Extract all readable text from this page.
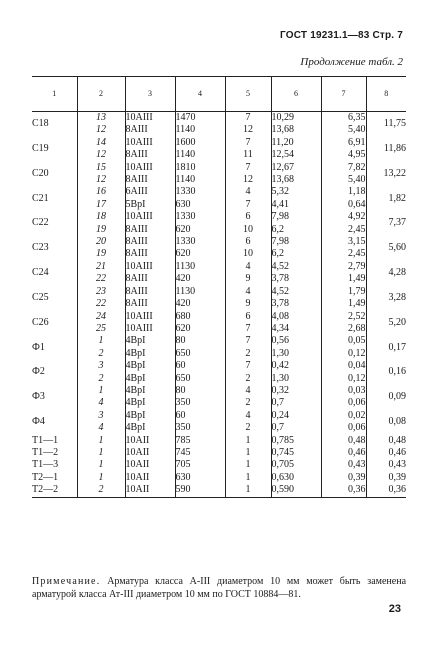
ГОСТ 19231.1—83 Стр. 7
Продолжение табл. 2
1	2	3	4	5	6	7	8
С18	13	10АIII	1470	7	10,29	6,35	11,75
	12	8АIII	1140	12	13,68	5,40	
С19	14	10АIII	1600	7	11,20	6,91	11,86
	12	8АIII	1140	11	12,54	4,95	
С20	15	10АIII	1810	7	12,67	7,82	13,22
	12	8АIII	1140	12	13,68	5,40	
С21	16	6АIII	1330	4	5,32	1,18	1,82
	17	5ВрI	630	7	4,41	0,64	
С22	18	10АIII	1330	6	7,98	4,92	7,37
	19	8АIII	620	10	6,2	2,45	
С23	20	8АIII	1330	6	7,98	3,15	5,60
	19	8АIII	620	10	6,2	2,45	
С24	21	10АIII	1130	4	4,52	2,79	4,28
	22	8АIII	420	9	3,78	1,49	
С25	23	8АIII	1130	4	4,52	1,79	3,28
	22	8АIII	420	9	3,78	1,49	
С26	24	10АIII	680	6	4,08	2,52	5,20
	25	10АIII	620	7	4,34	2,68	
Ф1	1	4ВрI	80	7	0,56	0,05	0,17
	2	4ВрI	650	2	1,30	0,12	
Ф2	3	4ВрI	60	7	0,42	0,04	0,16
	2	4ВрI	650	2	1,30	0,12	
Ф3	1	4ВрI	80	4	0,32	0,03	0,09
	4	4ВрI	350	2	0,7	0,06	
Ф4	3	4ВрI	60	4	0,24	0,02	0,08
	4	4ВрI	350	2	0,7	0,06	
Т1—1	1	10АII	785	1	0,785	0,48	0,48
Т1—2	1	10АII	745	1	0,745	0,46	0,46
Т1—3	1	10АII	705	1	0,705	0,43	0,43
Т2—1	1	10АII	630	1	0,630	0,39	0,39
Т2—2	2	10АII	590	1	0,590	0,36	0,36
Примечание. Арматура класса А-III диаметром 10 мм может быть заменена арматурой класса Ат-III диаметром 10 мм по ГОСТ 10884—81.
23
